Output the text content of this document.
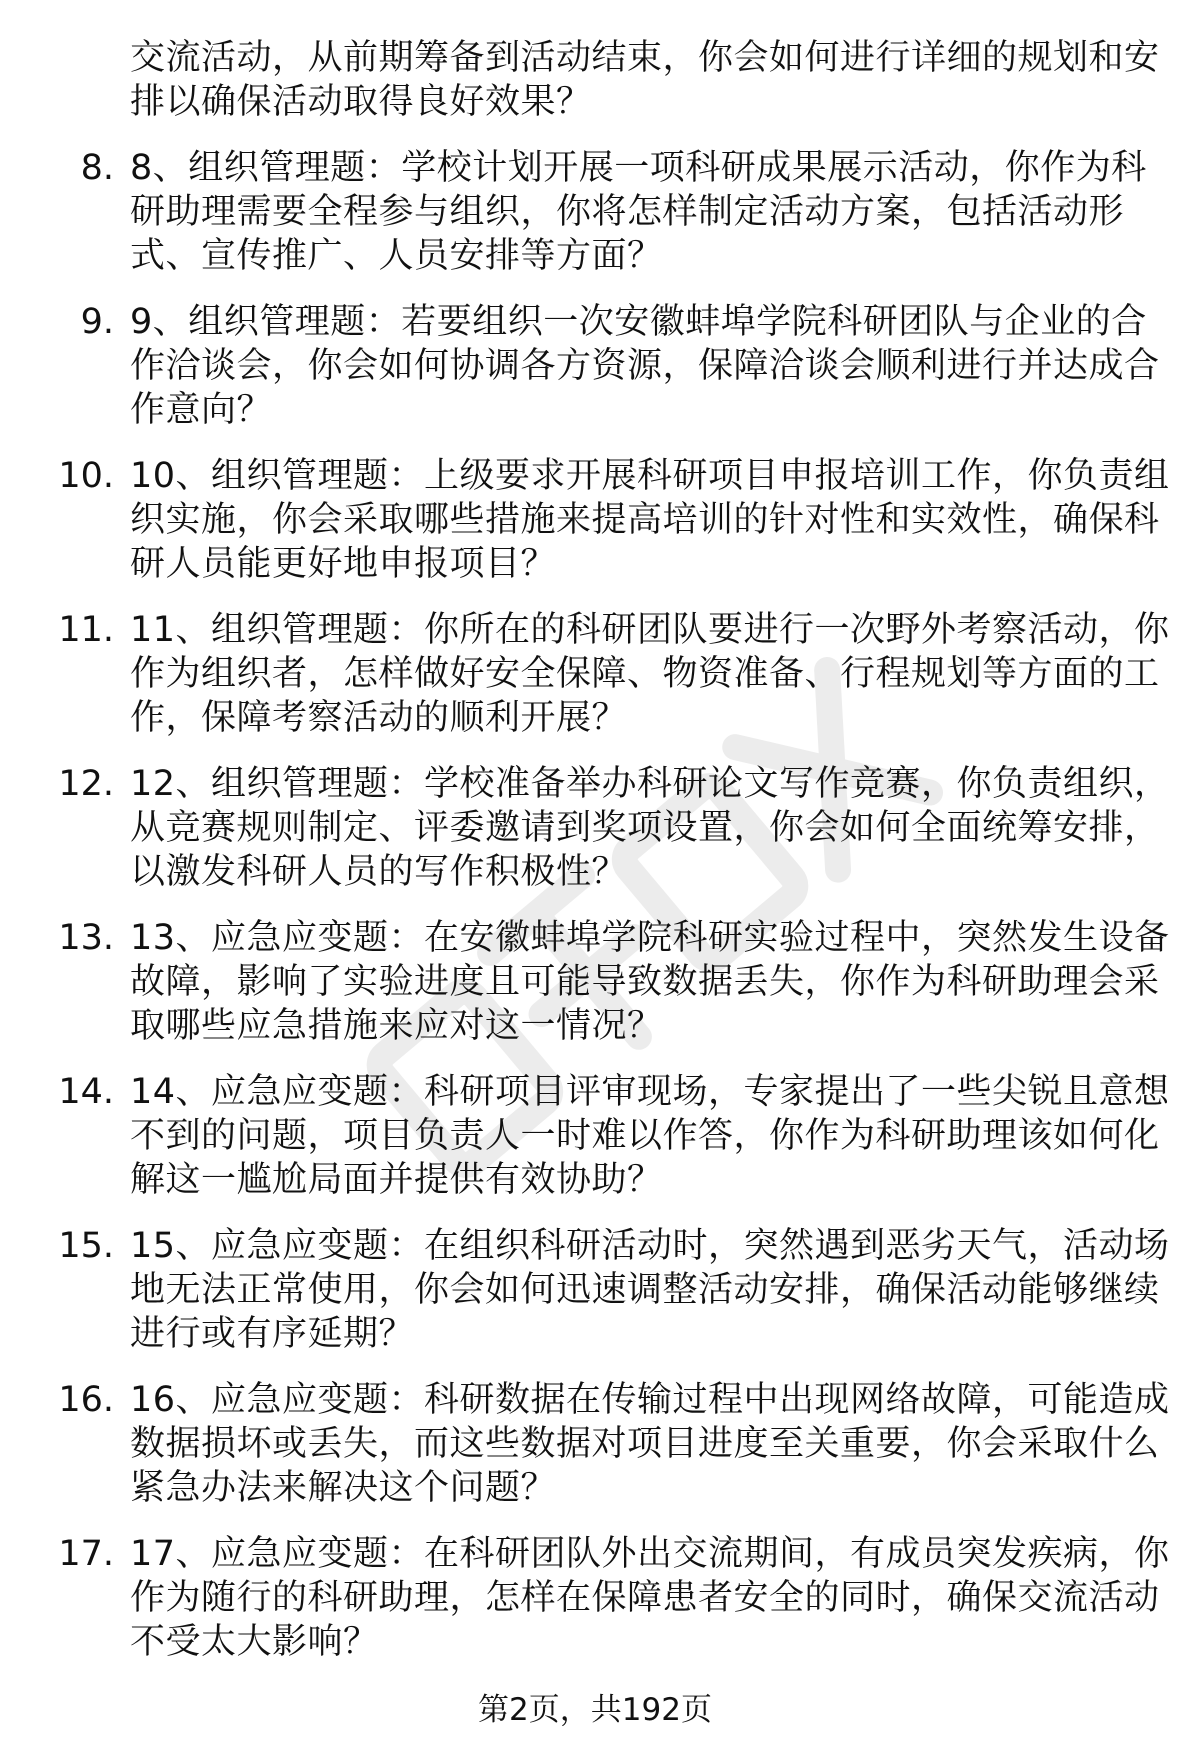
交流活动，从前期筹备到活动结束，你会如何进行详细的规划和安排以确保活动取得良好效果？
8. 8、组织管理题：学校计划开展一项科研成果展示活动，你作为科研助理需要全程参与组织，你将怎样制定活动方案，包括活动形式、宣传推广、人员安排等方面？
9. 9、组织管理题：若要组织一次安徽蚌埠学院科研团队与企业的合作洽谈会，你会如何协调各方资源，保障洽谈会顺利进行并达成合作意向？
10. 10、组织管理题：上级要求开展科研项目申报培训工作，你负责组织实施，你会采取哪些措施来提高培训的针对性和实效性，确保科研人员能更好地申报项目？
11. 11、组织管理题：你所在的科研团队要进行一次野外考察活动，你作为组织者，怎样做好安全保障、物资准备、行程规划等方面的工作，保障考察活动的顺利开展？
12. 12、组织管理题：学校准备举办科研论文写作竞赛，你负责组织，从竞赛规则制定、评委邀请到奖项设置，你会如何全面统筹安排，以激发科研人员的写作积极性？
13. 13、应急应变题：在安徽蚌埠学院科研实验过程中，突然发生设备故障，影响了实验进度且可能导致数据丢失，你作为科研助理会采取哪些应急措施来应对这一情况？
14. 14、应急应变题：科研项目评审现场，专家提出了一些尖锐且意想不到的问题，项目负责人一时难以作答，你作为科研助理该如何化解这一尴尬局面并提供有效协助？
15. 15、应急应变题：在组织科研活动时，突然遇到恶劣天气，活动场地无法正常使用，你会如何迅速调整活动安排，确保活动能够继续进行或有序延期？
16. 16、应急应变题：科研数据在传输过程中出现网络故障，可能造成数据损坏或丢失，而这些数据对项目进度至关重要，你会采取什么紧急办法来解决这个问题？
17. 17、应急应变题：在科研团队外出交流期间，有成员突发疾病，你作为随行的科研助理，怎样在保障患者安全的同时，确保交流活动不受太大影响？
第2页，共192页
